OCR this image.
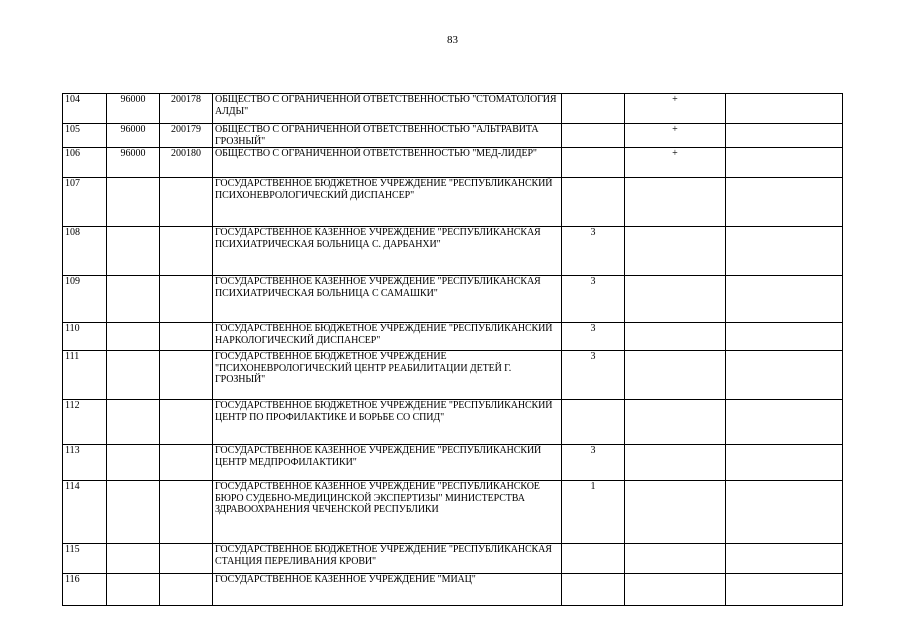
83
104	96000	200178	ОБЩЕСТВО С ОГРАНИЧЕННОЙ ОТВЕТСТВЕННОСТЬЮ "СТОМАТОЛОГИЯ АЛДЫ"		+	
105	96000	200179	ОБЩЕСТВО С ОГРАНИЧЕННОЙ ОТВЕТСТВЕННОСТЬЮ "АЛЬТРАВИТА ГРОЗНЫЙ"		+	
106	96000	200180	ОБЩЕСТВО С ОГРАНИЧЕННОЙ ОТВЕТСТВЕННОСТЬЮ "МЕД-ЛИДЕР"		+	
107			ГОСУДАРСТВЕННОЕ БЮДЖЕТНОЕ УЧРЕЖДЕНИЕ "РЕСПУБЛИКАНСКИЙ ПСИХОНЕВРОЛОГИЧЕСКИЙ ДИСПАНСЕР"			
108			ГОСУДАРСТВЕННОЕ КАЗЕННОЕ УЧРЕЖДЕНИЕ "РЕСПУБЛИКАНСКАЯ ПСИХИАТРИЧЕСКАЯ БОЛЬНИЦА С. ДАРБАНХИ"	3		
109			ГОСУДАРСТВЕННОЕ КАЗЕННОЕ УЧРЕЖДЕНИЕ "РЕСПУБЛИКАНСКАЯ ПСИХИАТРИЧЕСКАЯ БОЛЬНИЦА С САМАШКИ"	3		
110			ГОСУДАРСТВЕННОЕ БЮДЖЕТНОЕ УЧРЕЖДЕНИЕ "РЕСПУБЛИКАНСКИЙ НАРКОЛОГИЧЕСКИЙ ДИСПАНСЕР"	3		
111			ГОСУДАРСТВЕННОЕ БЮДЖЕТНОЕ УЧРЕЖДЕНИЕ "ПСИХОНЕВРОЛОГИЧЕСКИЙ ЦЕНТР РЕАБИЛИТАЦИИ ДЕТЕЙ Г. ГРОЗНЫЙ"	3		
112			ГОСУДАРСТВЕННОЕ БЮДЖЕТНОЕ УЧРЕЖДЕНИЕ "РЕСПУБЛИКАНСКИЙ ЦЕНТР ПО ПРОФИЛАКТИКЕ И БОРЬБЕ СО СПИД"			
113			ГОСУДАРСТВЕННОЕ КАЗЕННОЕ УЧРЕЖДЕНИЕ "РЕСПУБЛИКАНСКИЙ ЦЕНТР МЕДПРОФИЛАКТИКИ"	3		
114			ГОСУДАРСТВЕННОЕ КАЗЕННОЕ УЧРЕЖДЕНИЕ "РЕСПУБЛИКАНСКОЕ БЮРО СУДЕБНО-МЕДИЦИНСКОЙ ЭКСПЕРТИЗЫ" МИНИСТЕРСТВА ЗДРАВООХРАНЕНИЯ ЧЕЧЕНСКОЙ РЕСПУБЛИКИ	1		
115			ГОСУДАРСТВЕННОЕ БЮДЖЕТНОЕ УЧРЕЖДЕНИЕ "РЕСПУБЛИКАНСКАЯ СТАНЦИЯ ПЕРЕЛИВАНИЯ КРОВИ"			
116			ГОСУДАРСТВЕННОЕ КАЗЕННОЕ УЧРЕЖДЕНИЕ "МИАЦ"			
